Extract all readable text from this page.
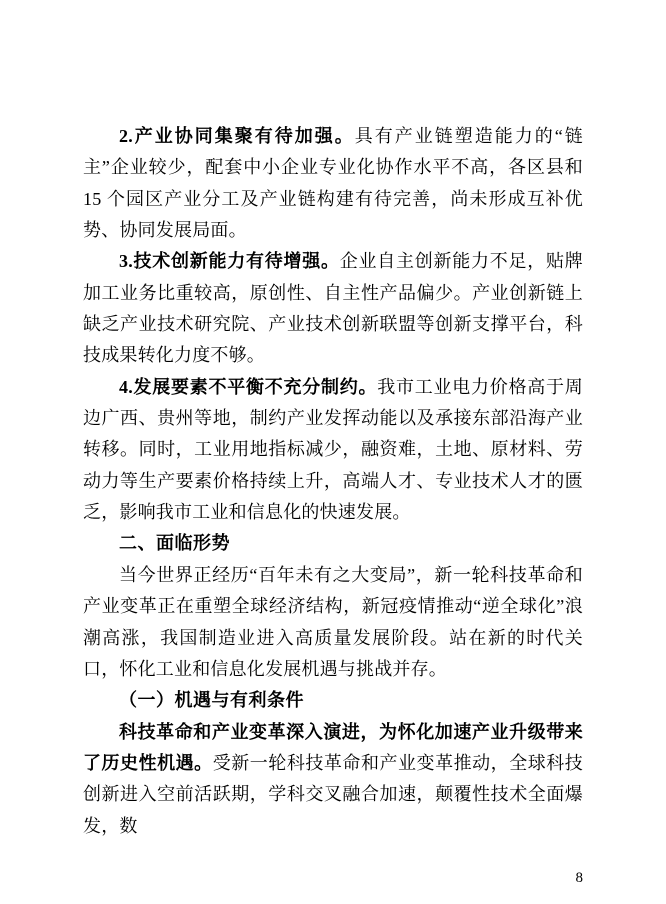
2.产业协同集聚有待加强。具有产业链塑造能力的“链主”企业较少，配套中小企业专业化协作水平不高，各区县和 15 个园区产业分工及产业链构建有待完善，尚未形成互补优势、协同发展局面。

3.技术创新能力有待增强。企业自主创新能力不足，贴牌加工业务比重较高，原创性、自主性产品偏少。产业创新链上缺乏产业技术研究院、产业技术创新联盟等创新支撑平台，科技成果转化力度不够。

4.发展要素不平衡不充分制约。我市工业电力价格高于周边广西、贵州等地，制约产业发挥动能以及承接东部沿海产业转移。同时，工业用地指标减少，融资难，土地、原材料、劳动力等生产要素价格持续上升，高端人才、专业技术人才的匮乏，影响我市工业和信息化的快速发展。

二、面临形势

当今世界正经历“百年未有之大变局”，新一轮科技革命和产业变革正在重塑全球经济结构，新冠疫情推动“逆全球化”浪潮高涨，我国制造业进入高质量发展阶段。站在新的时代关口，怀化工业和信息化发展机遇与挑战并存。

（一）机遇与有利条件

科技革命和产业变革深入演进，为怀化加速产业升级带来了历史性机遇。受新一轮科技革命和产业变革推动，全球科技创新进入空前活跃期，学科交叉融合加速，颠覆性技术全面爆发，数

8
